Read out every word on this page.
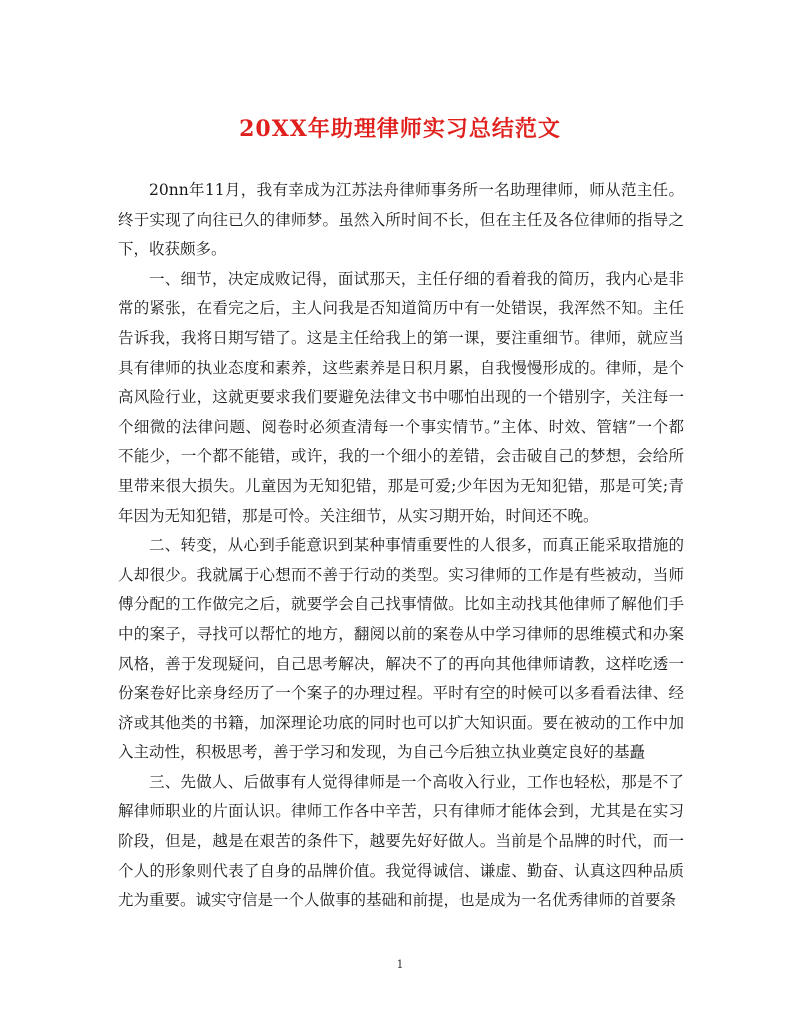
20XX年助理律师实习总结范文

20nn年11月，我有幸成为江苏法舟律师事务所一名助理律师，师从范主任。终于实现了向往已久的律师梦。虽然入所时间不长，但在主任及各位律师的指导之下，收获颇多。

一、细节，决定成败记得，面试那天，主任仔细的看着我的简历，我内心是非常的紧张，在看完之后，主人问我是否知道简历中有一处错误，我浑然不知。主任告诉我，我将日期写错了。这是主任给我上的第一课，要注重细节。律师，就应当具有律师的执业态度和素养，这些素养是日积月累，自我慢慢形成的。律师，是个高风险行业，这就更要求我们要避免法律文书中哪怕出现的一个错别字，关注每一个细微的法律问题、阅卷时必须查清每一个事实情节。”主体、时效、管辖”一个都不能少，一个都不能错，或许，我的一个细小的差错，会击破自己的梦想，会给所里带来很大损失。儿童因为无知犯错，那是可爱;少年因为无知犯错，那是可笑;青年因为无知犯错，那是可怜。关注细节，从实习期开始，时间还不晚。

二、转变，从心到手能意识到某种事情重要性的人很多，而真正能采取措施的人却很少。我就属于心想而不善于行动的类型。实习律师的工作是有些被动，当师傅分配的工作做完之后，就要学会自己找事情做。比如主动找其他律师了解他们手中的案子，寻找可以帮忙的地方，翻阅以前的案卷从中学习律师的思维模式和办案风格，善于发现疑问，自己思考解决，解决不了的再向其他律师请教，这样吃透一份案卷好比亲身经历了一个案子的办理过程。平时有空的时候可以多看看法律、经济或其他类的书籍，加深理论功底的同时也可以扩大知识面。要在被动的工作中加入主动性，积极思考，善于学习和发现，为自己今后独立执业奠定良好的基矗

三、先做人、后做事有人觉得律师是一个高收入行业，工作也轻松，那是不了解律师职业的片面认识。律师工作各中辛苦，只有律师才能体会到，尤其是在实习阶段，但是，越是在艰苦的条件下，越要先好好做人。当前是个品牌的时代，而一个人的形象则代表了自身的品牌价值。我觉得诚信、谦虚、勤奋、认真这四种品质尤为重要。诚实守信是一个人做事的基础和前提，也是成为一名优秀律师的首要条

1
